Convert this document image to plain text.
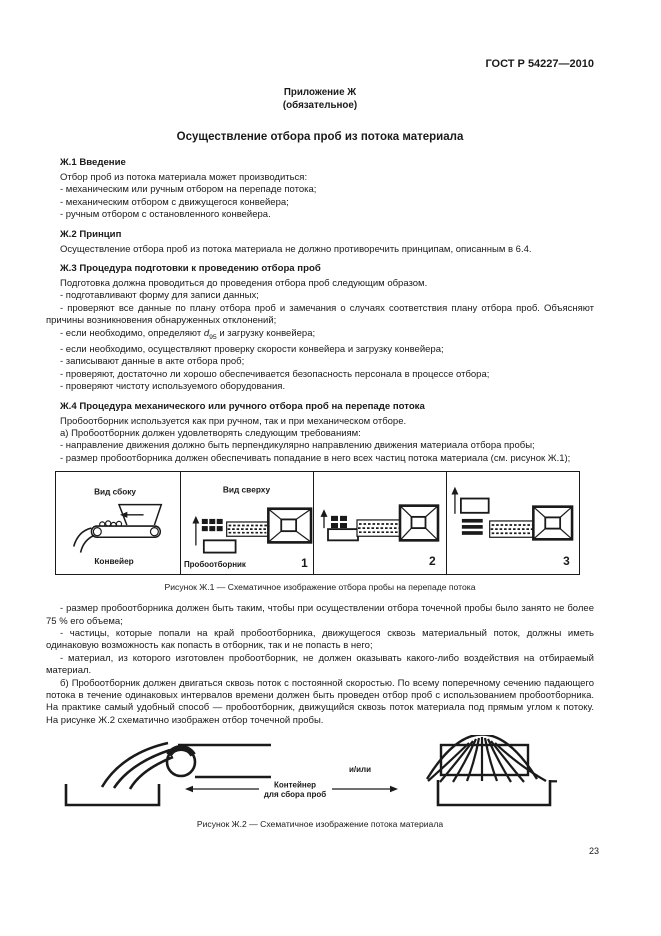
ГОСТ Р 54227—2010
Приложение Ж
(обязательное)
Осуществление отбора проб из потока материала
Ж.1 Введение

Отбор проб из потока материала может производиться:

- механическим или ручным отбором на перепаде потока;

- механическим отбором с движущегося конвейера;

- ручным отбором с остановленного конвейера.

Ж.2 Принцип

Осуществление отбора проб из потока материала не должно противоречить принципам, описанным в 6.4.

Ж.3 Процедура подготовки к проведению отбора проб

Подготовка должна проводиться до проведения отбора проб следующим образом.

- подготавливают форму для записи данных;

- проверяют все данные по плану отбора проб и замечания о случаях соответствия плану отбора проб. Объясняют причины возникновения обнаруженных отклонений;

- если необходимо, определяют $d_{95}$ и загрузку конвейера;

- если необходимо, осуществляют проверку скорости конвейера и загрузку конвейера;

- записывают данные в акте отбора проб;

- проверяют, достаточно ли хорошо обеспечивается безопасность персонала в процессе отбора;

- проверяют чистоту используемого оборудования.

Ж.4 Процедура механического или ручного отбора проб на перепаде потока

Пробоотборник используется как при ручном, так и при механическом отборе.

а) Пробоотборник должен удовлетворять следующим требованиям:

- направление движения должно быть перпендикулярно направлению движения материала отбора пробы;

- размер пробоотборника должен обеспечивать попадание в него всех частиц потока материала (см. рисунок Ж.1);

Вид сбоку
Конвейер
Вид сверху
Пробоотборник	1	2	3

Рисунок Ж.1 — Схематичное изображение отбора пробы на перепаде потока

- размер пробоотборника должен быть таким, чтобы при осуществлении отбора точечной пробы было занято не более 75 % его объема;

- частицы, которые попали на край пробоотборника, движущегося сквозь материальный поток, должны иметь одинаковую возможность как попасть в отборник, так и не попасть в него;

- материал, из которого изготовлен пробоотборник, не должен оказывать какого-либо воздействия на отбираемый материал.

б) Пробоотборник должен двигаться сквозь поток с постоянной скоростью. По всему поперечному сечению падающего потока в течение одинаковых интервалов времени должен быть проведен отбор проб с использованием пробоотборника. На практике самый удобный способ — пробоотборник, движущийся сквозь поток материала под прямым углом к потоку. На рисунке Ж.2 схематично изображен отбор точечной пробы.

Контейнер
для сбора проб
и/или

Рисунок Ж.2 — Схематичное изображение потока материала

23
